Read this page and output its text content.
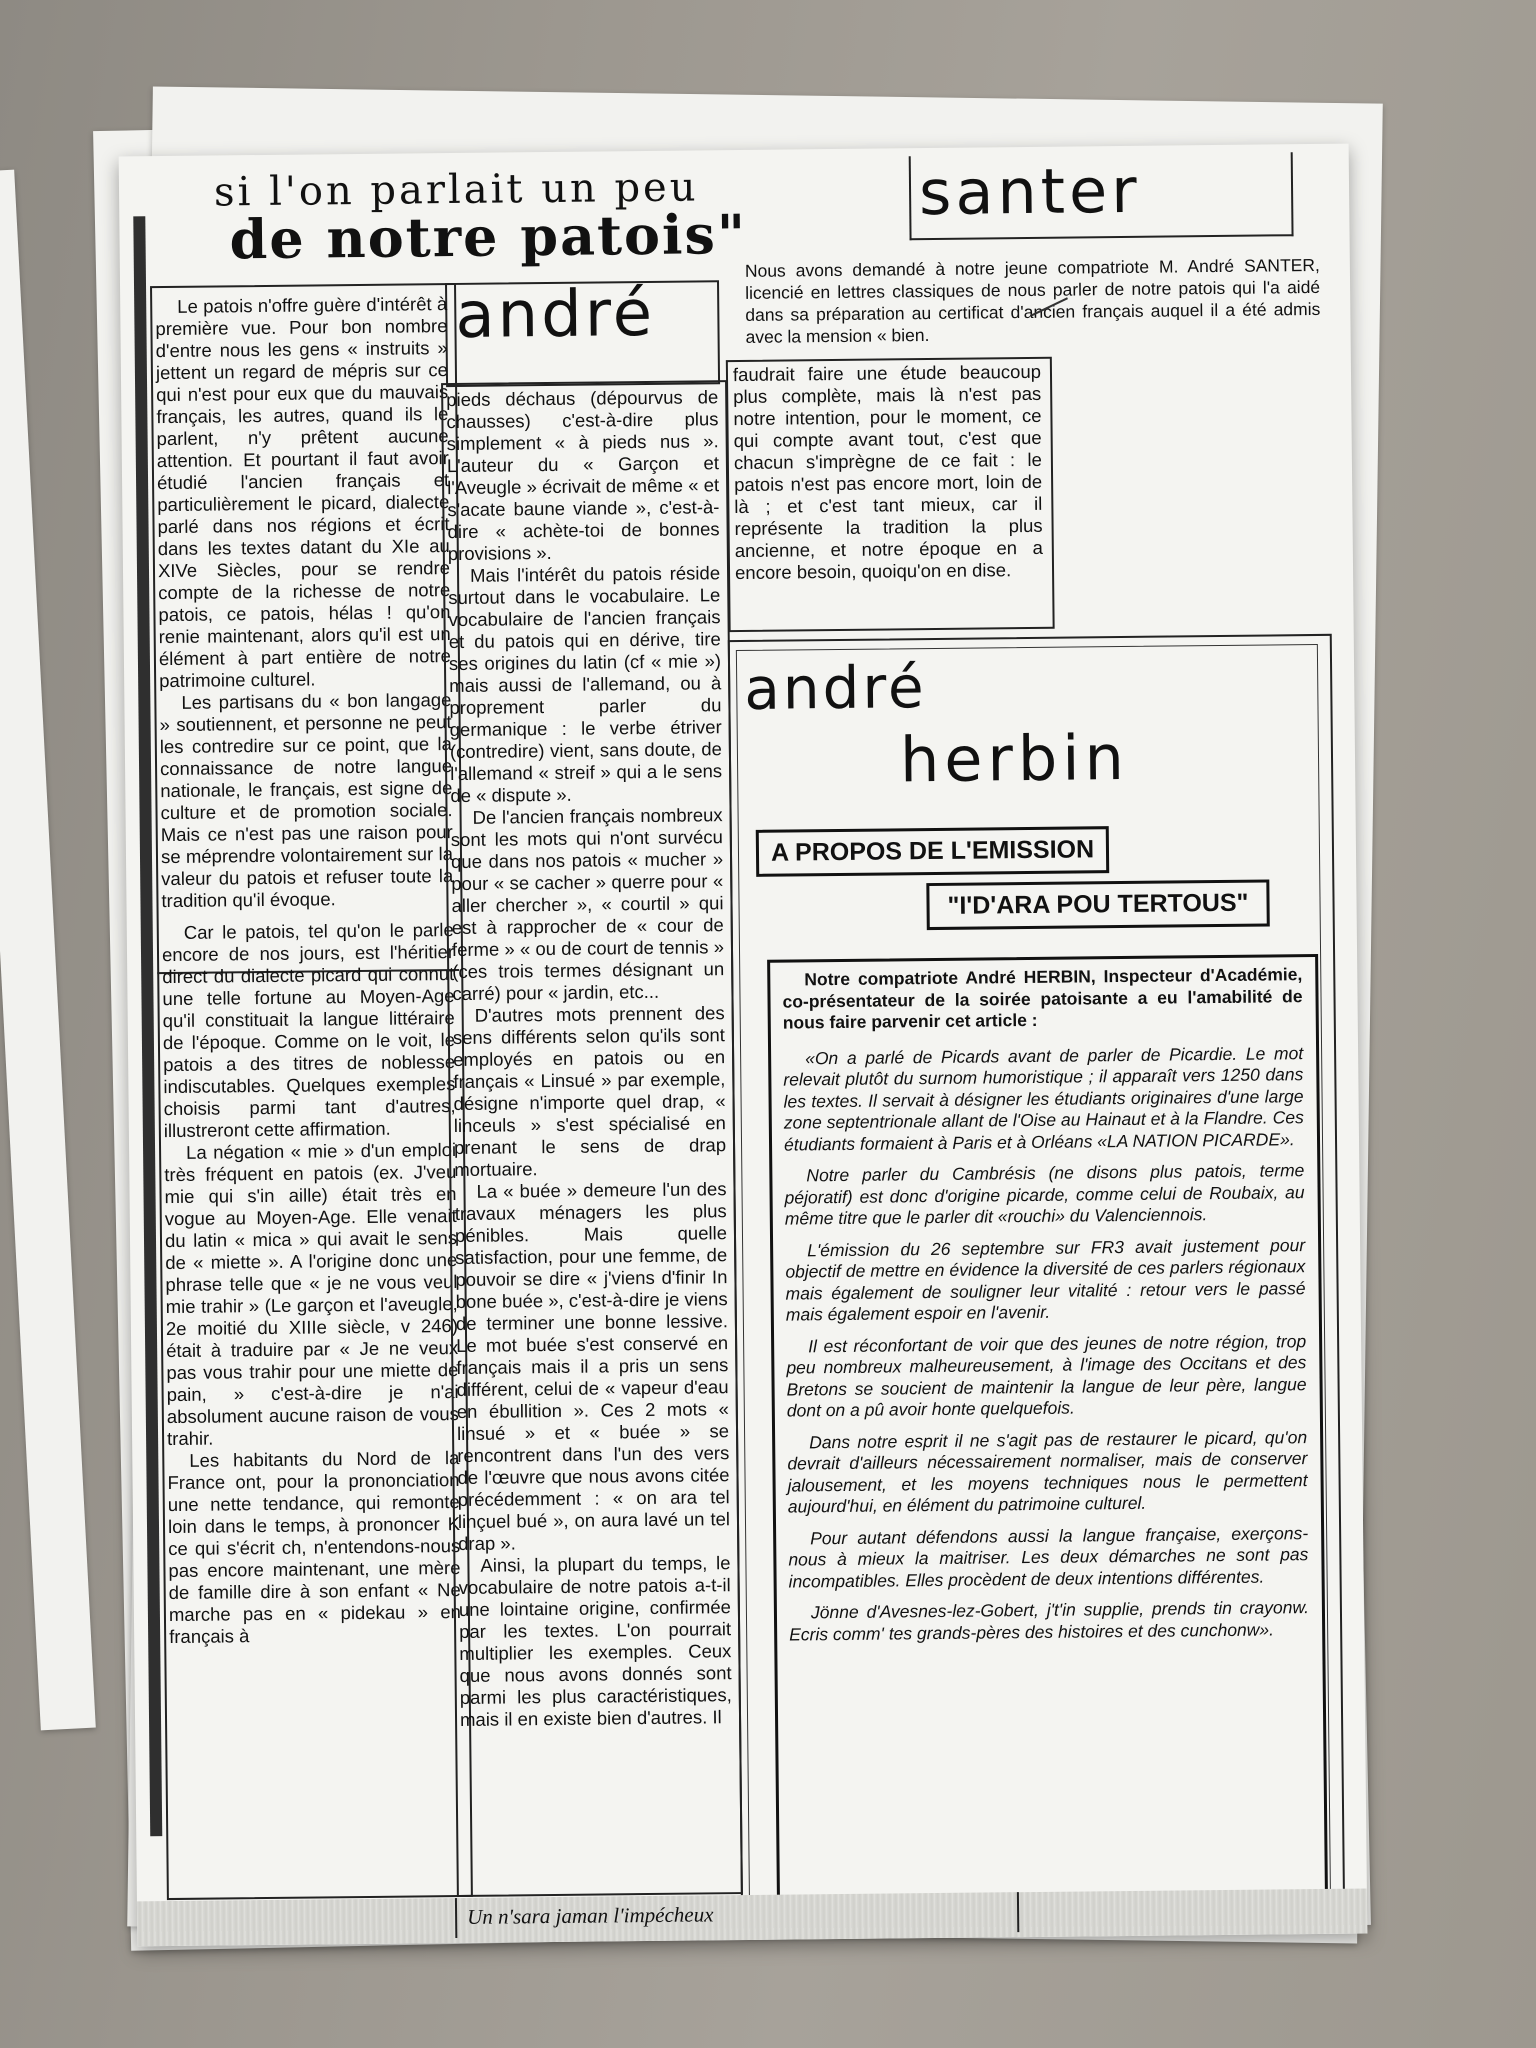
si l'on parlait un peu
de notre patois"
santer
andré
Nous avons demandé à notre jeune compatriote M. André SANTER, licencié en lettres classiques de nous parler de notre patois qui l'a aidé dans sa préparation au certificat d'ancien français auquel il a été admis avec la mension « bien.

Le patois n'offre guère d'intérêt à première vue. Pour bon nombre d'entre nous les gens « instruits » jettent un regard de mépris sur ce qui n'est pour eux que du mauvais français, les autres, quand ils le parlent, n'y prêtent aucune attention. Et pourtant il faut avoir étudié l'ancien français et particulièrement le picard, dialecte parlé dans nos régions et écrit dans les textes datant du XIe au XIVe Siècles, pour se rendre compte de la richesse de notre patois, ce patois, hélas ! qu'on renie maintenant, alors qu'il est un élément à part entière de notre patrimoine culturel.

Les partisans du « bon langage » soutiennent, et personne ne peut les contredire sur ce point, que la connaissance de notre langue nationale, le français, est signe de culture et de promotion sociale. Mais ce n'est pas une raison pour se méprendre volontairement sur la valeur du patois et refuser toute la tradition qu'il évoque.

Car le patois, tel qu'on le parle encore de nos jours, est l'héritier direct du dialecte picard qui connut une telle fortune au Moyen-Age qu'il constituait la langue littéraire de l'époque. Comme on le voit, le patois a des titres de noblesse indiscutables. Quelques exemples choisis parmi tant d'autres, illustreront cette affirmation.

La négation « mie » d'un emploi très fréquent en patois (ex. J'veu mie qui s'in aille) était très en vogue au Moyen-Age. Elle venait du latin « mica » qui avait le sens de « miette ». A l'origine donc une phrase telle que « je ne vous veul mie trahir » (Le garçon et l'aveugle, 2e moitié du XIIIe siècle, v 246) était à traduire par « Je ne veux pas vous trahir pour une miette de pain, » c'est-à-dire je n'ai absolument aucune raison de vous trahir.

Les habitants du Nord de la France ont, pour la prononciation une nette tendance, qui remonte loin dans le temps, à prononcer K ce qui s'écrit ch, n'entendons-nous pas encore maintenant, une mère de famille dire à son enfant « Ne marche pas en « pidekau » en français à

pieds déchaus (dépourvus de chausses) c'est-à-dire plus simplement « à pieds nus ». L'auteur du « Garçon et l'Aveugle » écrivait de même « et s'acate baune viande », c'est-à-dire « achète-toi de bonnes provisions ».

Mais l'intérêt du patois réside surtout dans le vocabulaire. Le vocabulaire de l'ancien français et du patois qui en dérive, tire ses origines du latin (cf « mie ») mais aussi de l'allemand, ou à proprement parler du germanique : le verbe étriver (contredire) vient, sans doute, de l'allemand « streif » qui a le sens de « dispute ».

De l'ancien français nombreux sont les mots qui n'ont survécu que dans nos patois « mucher » pour « se cacher » querre pour « aller chercher », « courtil » qui est à rapprocher de « cour de ferme » « ou de court de tennis » (ces trois termes désignant un carré) pour « jardin, etc...

D'autres mots prennent des sens différents selon qu'ils sont employés en patois ou en français « Linsué » par exemple, désigne n'importe quel drap, « linceuls » s'est spécialisé en prenant le sens de drap mortuaire.

La « buée » demeure l'un des travaux ménagers les plus pénibles. Mais quelle satisfaction, pour une femme, de pouvoir se dire « j'viens d'finir In bone buée », c'est-à-dire je viens de terminer une bonne lessive. Le mot buée s'est conservé en français mais il a pris un sens différent, celui de « vapeur d'eau en ébullition ». Ces 2 mots « linsué » et « buée » se rencontrent dans l'un des vers de l'œuvre que nous avons citée précédemment : « on ara tel linçuel bué », on aura lavé un tel drap ».

Ainsi, la plupart du temps, le vocabulaire de notre patois a-t-il une lointaine origine, confirmée par les textes. L'on pourrait multiplier les exemples. Ceux que nous avons donnés sont parmi les plus caractéristiques, mais il en existe bien d'autres. Il

faudrait faire une étude beaucoup plus complète, mais là n'est pas notre intention, pour le moment, ce qui compte avant tout, c'est que chacun s'imprègne de ce fait : le patois n'est pas encore mort, loin de là ; et c'est tant mieux, car il représente la tradition la plus ancienne, et notre époque en a encore besoin, quoiqu'on en dise.

andré
herbin
A PROPOS DE L'EMISSION
"I'D'ARA POU TERTOUS"

Notre compatriote André HERBIN, Inspecteur d'Académie, co-présentateur de la soirée patoisante a eu l'amabilité de nous faire parvenir cet article :

«On a parlé de Picards avant de parler de Picardie. Le mot relevait plutôt du surnom humoristique ; il apparaît vers 1250 dans les textes. Il servait à désigner les étudiants originaires d'une large zone septentrionale allant de l'Oise au Hainaut et à la Flandre. Ces étudiants formaient à Paris et à Orléans «LA NATION PICARDE».

Notre parler du Cambrésis (ne disons plus patois, terme péjoratif) est donc d'origine picarde, comme celui de Roubaix, au même titre que le parler dit «rouchi» du Valenciennois.

L'émission du 26 septembre sur FR3 avait justement pour objectif de mettre en évidence la diversité de ces parlers régionaux mais également de souligner leur vitalité : retour vers le passé mais également espoir en l'avenir.

Il est réconfortant de voir que des jeunes de notre région, trop peu nombreux malheureusement, à l'image des Occitans et des Bretons se soucient de maintenir la langue de leur père, langue dont on a pû avoir honte quelquefois.

Dans notre esprit il ne s'agit pas de restaurer le picard, qu'on devrait d'ailleurs nécessairement normaliser, mais de conserver jalousement, et les moyens techniques nous le permettent aujourd'hui, en élément du patrimoine culturel.

Pour autant défendons aussi la langue française, exerçons-nous à mieux la maitriser. Les deux démarches ne sont pas incompatibles. Elles procèdent de deux intentions différentes.

Jönne d'Avesnes-lez-Gobert, j't'in supplie, prends tin crayonw. Ecris comm' tes grands-pères des histoires et des cunchonw».

Un n'sara jaman l'impécheux
